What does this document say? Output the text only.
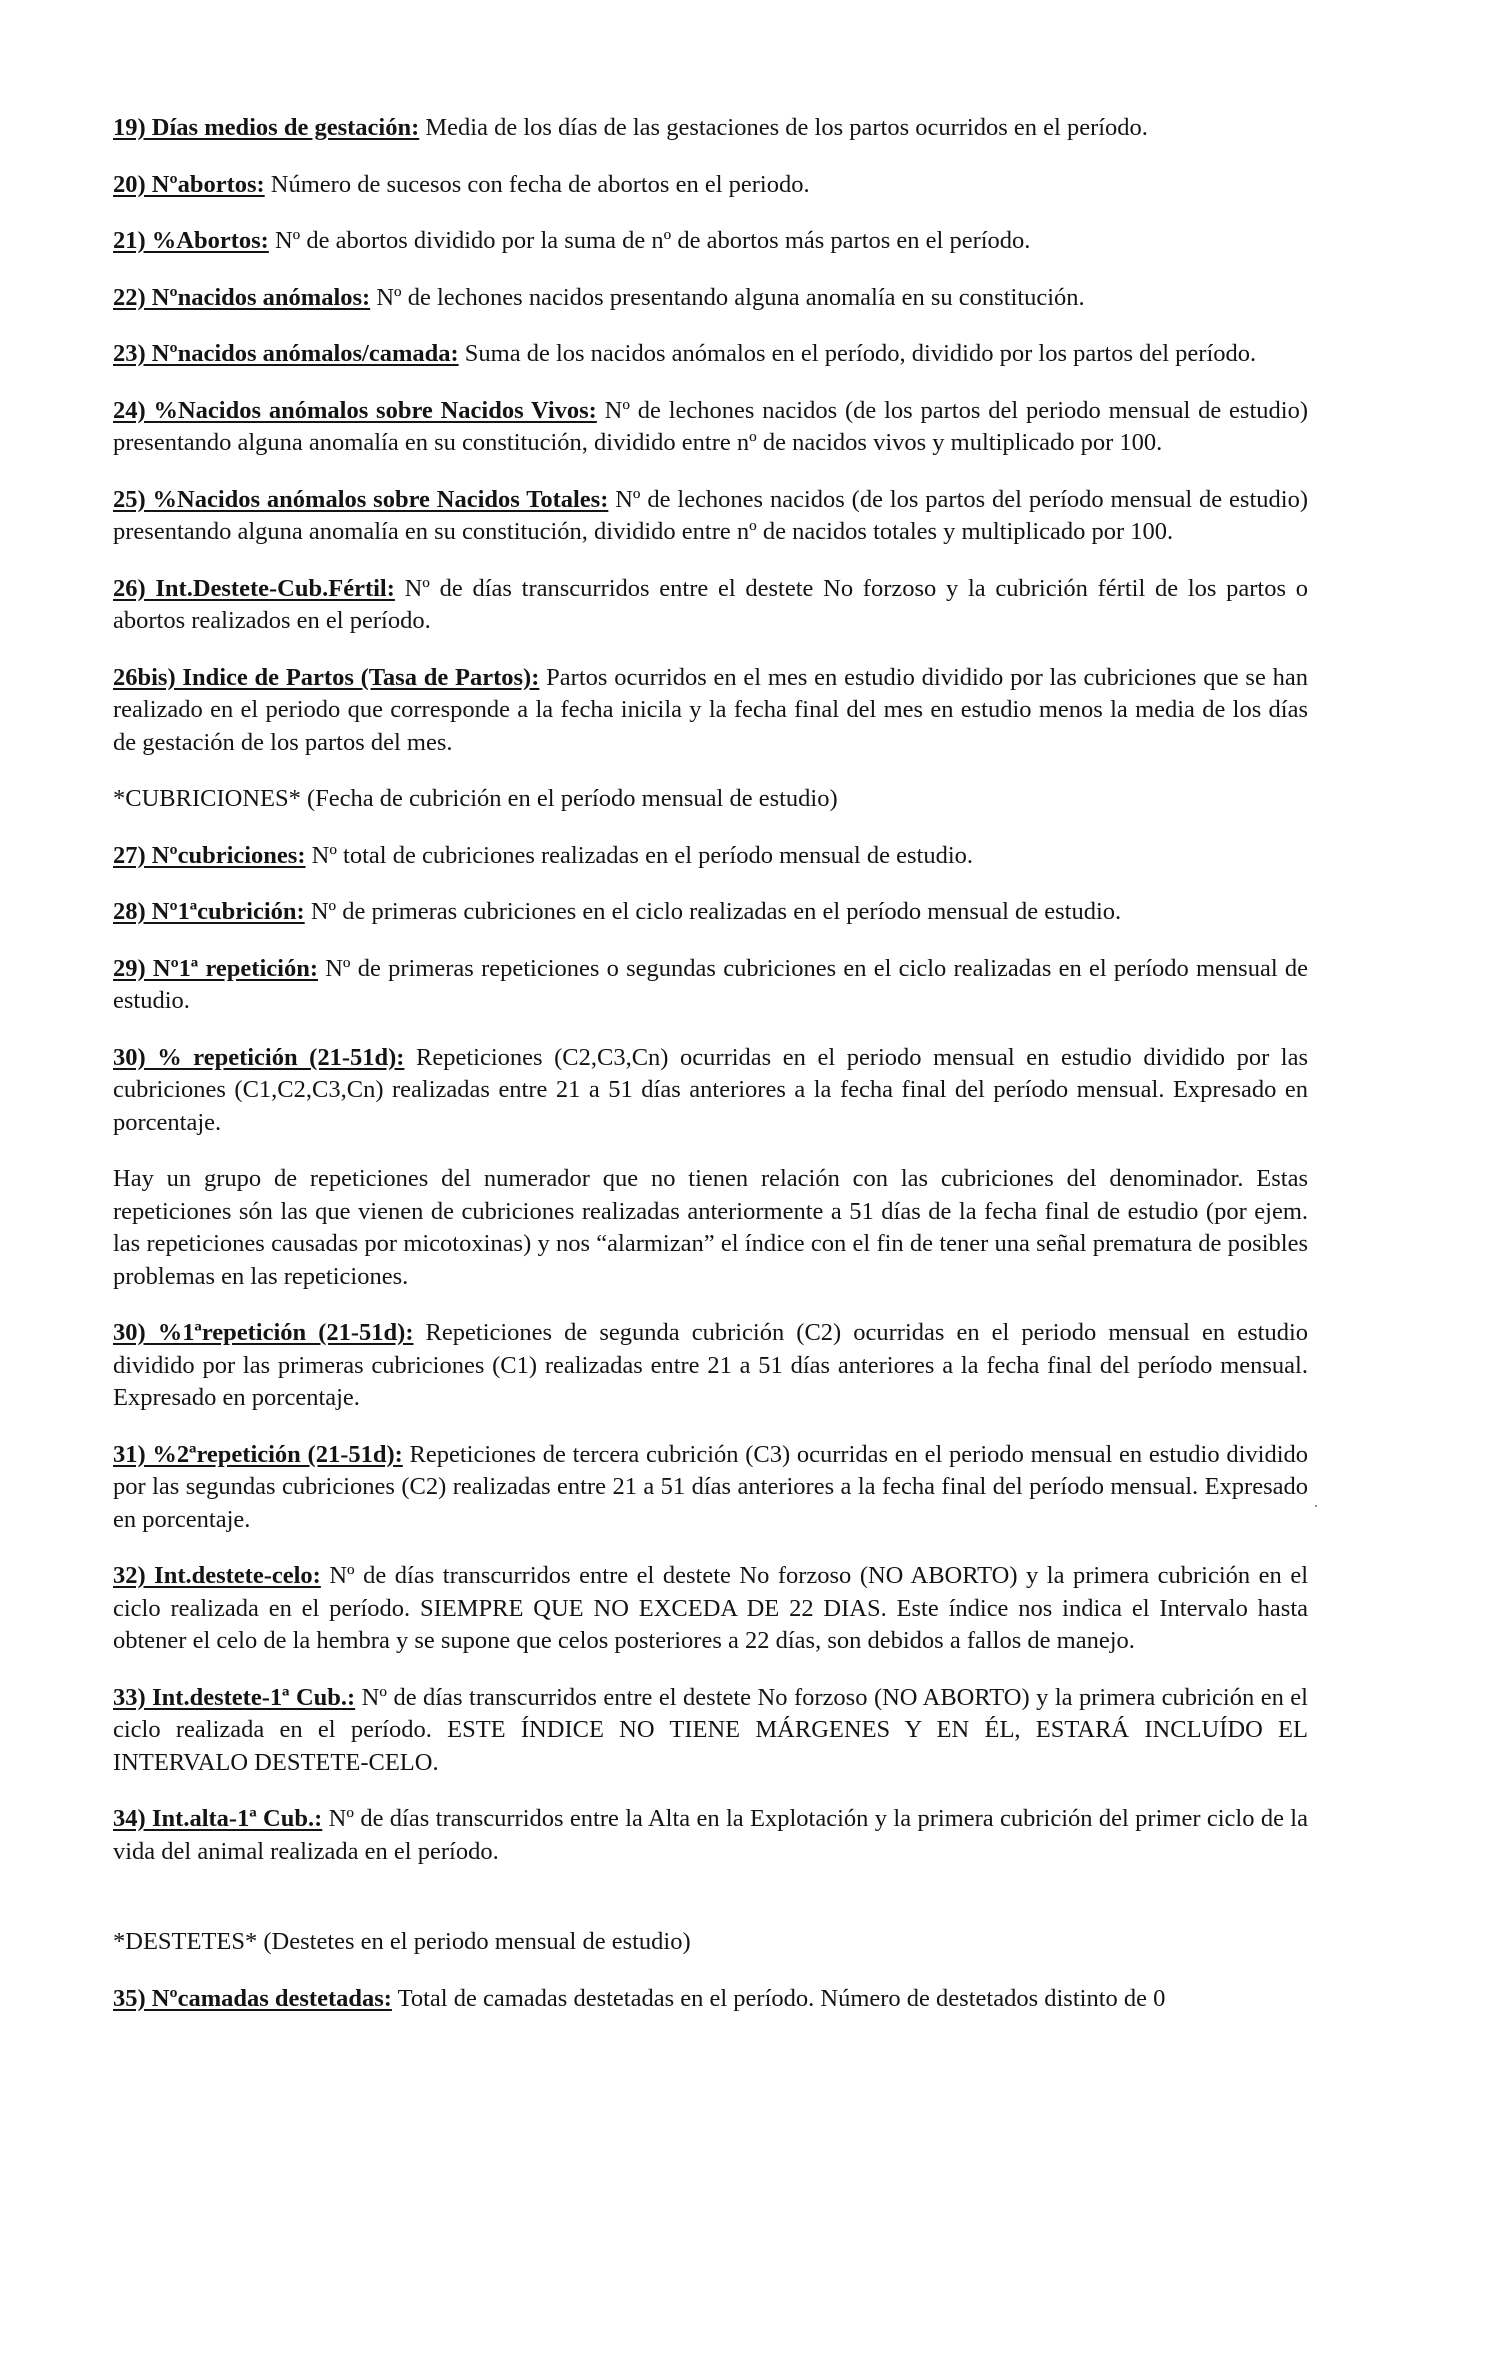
19) Días medios de gestación: Media de los días de las gestaciones de los partos ocurridos en el período.

20) Nºabortos: Número de sucesos con fecha de abortos en el periodo.

21) %Abortos: Nº de abortos dividido por la suma de nº de abortos más partos en el período.

22) Nºnacidos anómalos: Nº de lechones nacidos presentando alguna anomalía en su constitución.

23) Nºnacidos anómalos/camada: Suma de los nacidos anómalos en el período, dividido por los partos del período.

24) %Nacidos anómalos sobre Nacidos Vivos: Nº de lechones nacidos (de los partos del periodo mensual de estudio) presentando alguna anomalía en su constitución, dividido entre nº de nacidos vivos y multiplicado por 100.

25) %Nacidos anómalos sobre Nacidos Totales: Nº de lechones nacidos (de los partos del período mensual de estudio) presentando alguna anomalía en su constitución, dividido entre nº de nacidos totales y multiplicado por 100.

26) Int.Destete-Cub.Fértil: Nº de días transcurridos entre el destete No forzoso y la cubrición fértil de los partos o abortos realizados en el período.

26bis) Indice de Partos (Tasa de Partos): Partos ocurridos en el mes en estudio dividido por las cubriciones que se han realizado en el periodo que corresponde a la fecha inicila y la fecha final del mes en estudio menos la media de los días de gestación de los partos del mes.

*CUBRICIONES* (Fecha de cubrición en el período mensual de estudio)

27) Nºcubriciones: Nº total de cubriciones realizadas en el período mensual de estudio.

28) Nº1ªcubrición: Nº de primeras cubriciones en el ciclo realizadas en el período mensual de estudio.

29) Nº1ª repetición: Nº de primeras repeticiones o segundas cubriciones en el ciclo realizadas en el período mensual de estudio.

30) % repetición (21-51d): Repeticiones (C2,C3,Cn) ocurridas en el periodo mensual en estudio dividido por las cubriciones (C1,C2,C3,Cn) realizadas entre 21 a 51 días anteriores a la fecha final del período mensual. Expresado en porcentaje.

Hay un grupo de repeticiones del numerador que no tienen relación con las cubriciones del denominador. Estas repeticiones són las que vienen de cubriciones realizadas anteriormente a 51 días de la fecha final de estudio (por ejem. las repeticiones causadas por micotoxinas) y nos “alarmizan” el índice con el fin de tener una señal prematura de posibles problemas en las repeticiones.

30) %1ªrepetición (21-51d): Repeticiones de segunda cubrición (C2) ocurridas en el periodo mensual en estudio dividido por las primeras cubriciones (C1) realizadas entre 21 a 51 días anteriores a la fecha final del período mensual. Expresado en porcentaje.

31) %2ªrepetición (21-51d): Repeticiones de tercera cubrición (C3) ocurridas en el periodo mensual en estudio dividido por las segundas cubriciones (C2) realizadas entre 21 a 51 días anteriores a la fecha final del período mensual. Expresado en porcentaje.

32) Int.destete-celo: Nº de días transcurridos entre el destete No forzoso (NO ABORTO) y la primera cubrición en el ciclo realizada en el período. SIEMPRE QUE NO EXCEDA DE 22 DIAS. Este índice nos indica el Intervalo hasta obtener el celo de la hembra y se supone que celos posteriores a 22 días, son debidos a fallos de manejo.

33) Int.destete-1ª Cub.: Nº de días transcurridos entre el destete No forzoso (NO ABORTO) y la primera cubrición en el ciclo realizada en el período. ESTE ÍNDICE NO TIENE MÁRGENES Y EN ÉL, ESTARÁ INCLUÍDO EL INTERVALO DESTETE-CELO.

34) Int.alta-1ª Cub.: Nº de días transcurridos entre la Alta en la Explotación y la primera cubrición del primer ciclo de la vida del animal realizada en el período.

*DESTETES* (Destetes en el periodo mensual de estudio)

35) Nºcamadas destetadas: Total de camadas destetadas en el período. Número de destetados distinto de 0
